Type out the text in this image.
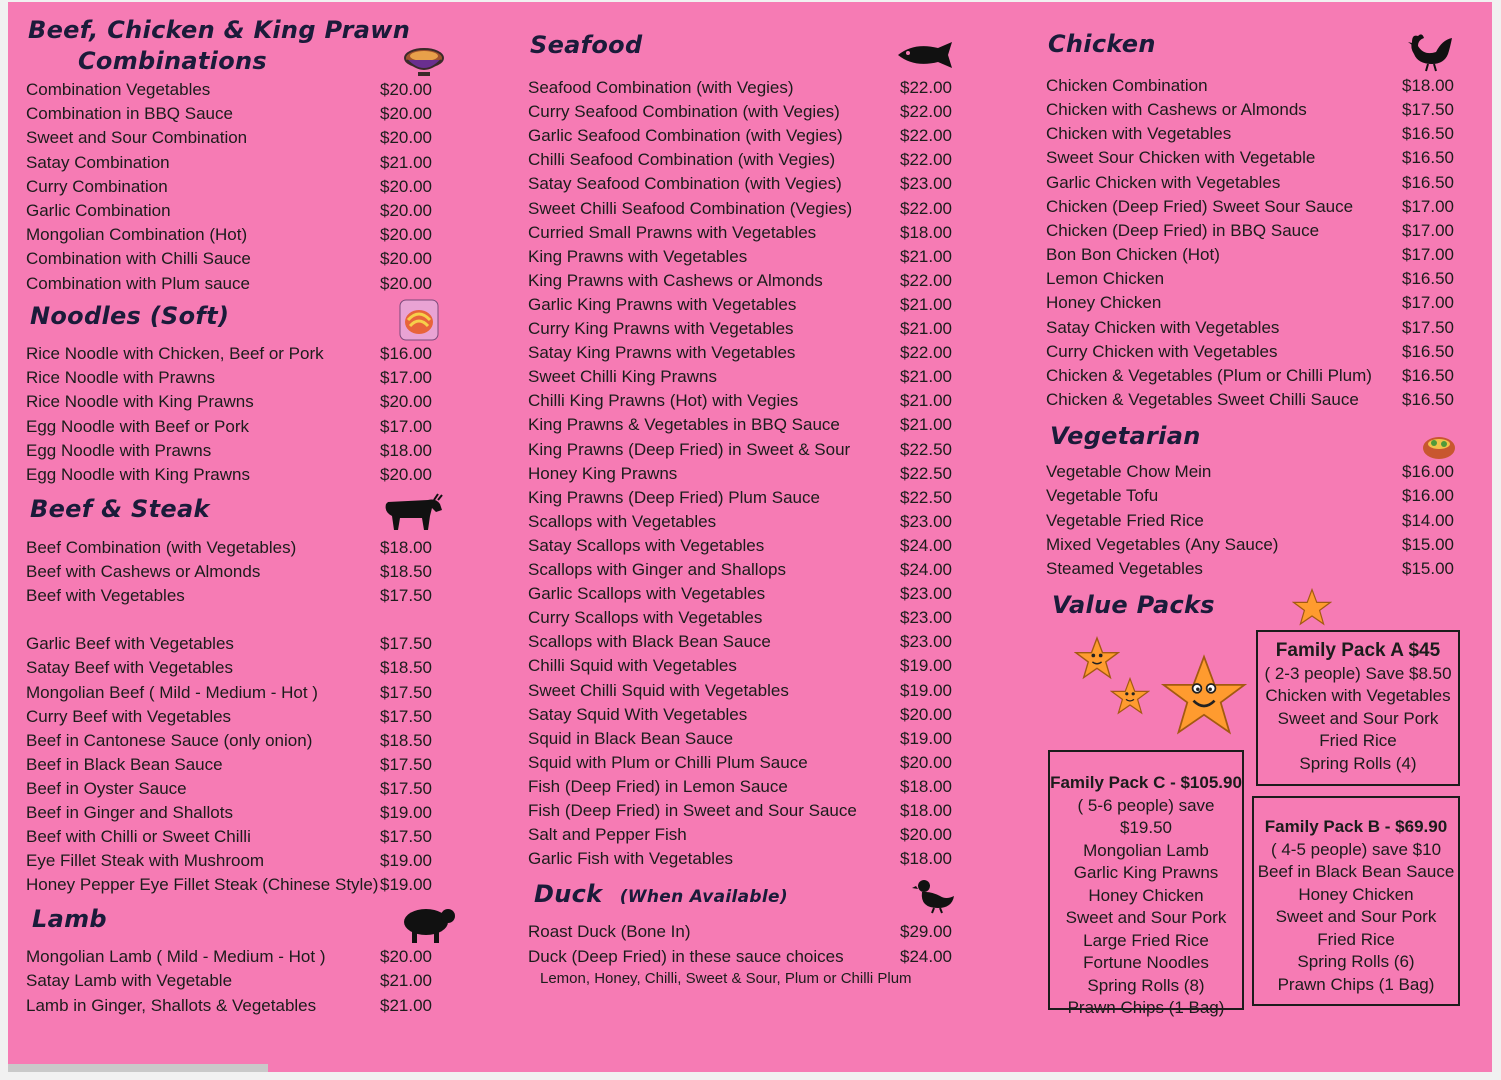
Beef, Chicken & King Prawn
Combinations
Combination Vegetables	$20.00
Combination in BBQ Sauce	$20.00
Sweet and Sour Combination	$20.00
Satay Combination	$21.00
Curry Combination	$20.00
Garlic Combination	$20.00
Mongolian Combination (Hot)	$20.00
Combination with Chilli Sauce	$20.00
Combination with Plum sauce	$20.00
Noodles (Soft)
Rice Noodle with Chicken, Beef or Pork	$16.00
Rice Noodle with Prawns	$17.00
Rice Noodle with King Prawns	$20.00
Egg Noodle with Beef or Pork	$17.00
Egg Noodle with Prawns	$18.00
Egg Noodle with King Prawns	$20.00
Beef & Steak
Beef Combination (with Vegetables)	$18.00
Beef with Cashews or Almonds	$18.50
Beef with Vegetables	$17.50
Garlic Beef with Vegetables	$17.50
Satay Beef with Vegetables	$18.50
Mongolian Beef ( Mild - Medium - Hot )	$17.50
Curry Beef with Vegetables	$17.50
Beef in Cantonese Sauce (only onion)	$18.50
Beef in Black Bean Sauce	$17.50
Beef in Oyster Sauce	$17.50
Beef in Ginger and Shallots	$19.00
Beef with Chilli or Sweet Chilli	$17.50
Eye Fillet Steak with Mushroom	$19.00
Honey Pepper Eye Fillet Steak (Chinese Style) $19.00
Lamb
Mongolian Lamb ( Mild - Medium - Hot )	$20.00
Satay Lamb with Vegetable	$21.00
Lamb in Ginger, Shallots & Vegetables	$21.00
Seafood
Seafood Combination (with Vegies)	$22.00
Curry Seafood Combination (with Vegies)	$22.00
Garlic Seafood Combination (with Vegies)	$22.00
Chilli Seafood Combination (with Vegies)	$22.00
Satay Seafood Combination (with Vegies)	$23.00
Sweet Chilli Seafood Combination (Vegies)	$22.00
Curried Small Prawns with Vegetables	$18.00
King Prawns with Vegetables	$21.00
King Prawns with Cashews or Almonds	$22.00
Garlic King Prawns with Vegetables	$21.00
Curry King Prawns with Vegetables	$21.00
Satay King Prawns with Vegetables	$22.00
Sweet Chilli King Prawns	$21.00
Chilli King Prawns (Hot) with Vegies	$21.00
King Prawns & Vegetables in BBQ Sauce	$21.00
King Prawns (Deep Fried) in Sweet & Sour	$22.50
Honey King Prawns	$22.50
King Prawns (Deep Fried) Plum Sauce	$22.50
Scallops with Vegetables	$23.00
Satay Scallops with Vegetables	$24.00
Scallops with Ginger and Shallops	$24.00
Garlic Scallops with Vegetables	$23.00
Curry Scallops with Vegetables	$23.00
Scallops with Black Bean Sauce	$23.00
Chilli Squid with Vegetables	$19.00
Sweet Chilli Squid with Vegetables	$19.00
Satay Squid With Vegetables	$20.00
Squid in Black Bean Sauce	$19.00
Squid with Plum or Chilli Plum Sauce	$20.00
Fish (Deep Fried) in Lemon Sauce	$18.00
Fish (Deep Fried) in Sweet and Sour Sauce	$18.00
Salt and Pepper Fish	$20.00
Garlic Fish with Vegetables	$18.00
Duck (When Available)
Roast Duck (Bone In)	$29.00
Duck (Deep Fried) in these sauce choices	$24.00
Lemon, Honey, Chilli, Sweet & Sour, Plum or Chilli Plum
Chicken
Chicken Combination	$18.00
Chicken with Cashews or Almonds	$17.50
Chicken with Vegetables	$16.50
Sweet Sour Chicken with Vegetable	$16.50
Garlic Chicken with Vegetables	$16.50
Chicken (Deep Fried) Sweet Sour Sauce	$17.00
Chicken (Deep Fried) in BBQ Sauce	$17.00
Bon Bon Chicken (Hot)	$17.00
Lemon Chicken	$16.50
Honey Chicken	$17.00
Satay Chicken with Vegetables	$17.50
Curry Chicken with Vegetables	$16.50
Chicken & Vegetables (Plum or Chilli Plum) $16.50
Chicken & Vegetables Sweet Chilli Sauce	$16.50
Vegetarian
Vegetable Chow Mein	$16.00
Vegetable Tofu	$16.00
Vegetable Fried Rice	$14.00
Mixed Vegetables (Any Sauce)	$15.00
Steamed Vegetables	$15.00
Value Packs
Family Pack A $45
( 2-3 people) Save $8.50
Chicken with Vegetables
Sweet and Sour Pork
Fried Rice
Spring Rolls (4)
Family Pack C - $105.90
( 5-6 people) save $19.50
Mongolian Lamb
Garlic King Prawns
Honey Chicken
Sweet and Sour Pork
Large Fried Rice
Fortune Noodles
Spring Rolls (8)
Prawn Chips (1 Bag)
Family Pack B - $69.90
( 4-5 people) save $10
Beef in Black Bean Sauce
Honey Chicken
Sweet and Sour Pork
Fried Rice
Spring Rolls (6)
Prawn Chips (1 Bag)
